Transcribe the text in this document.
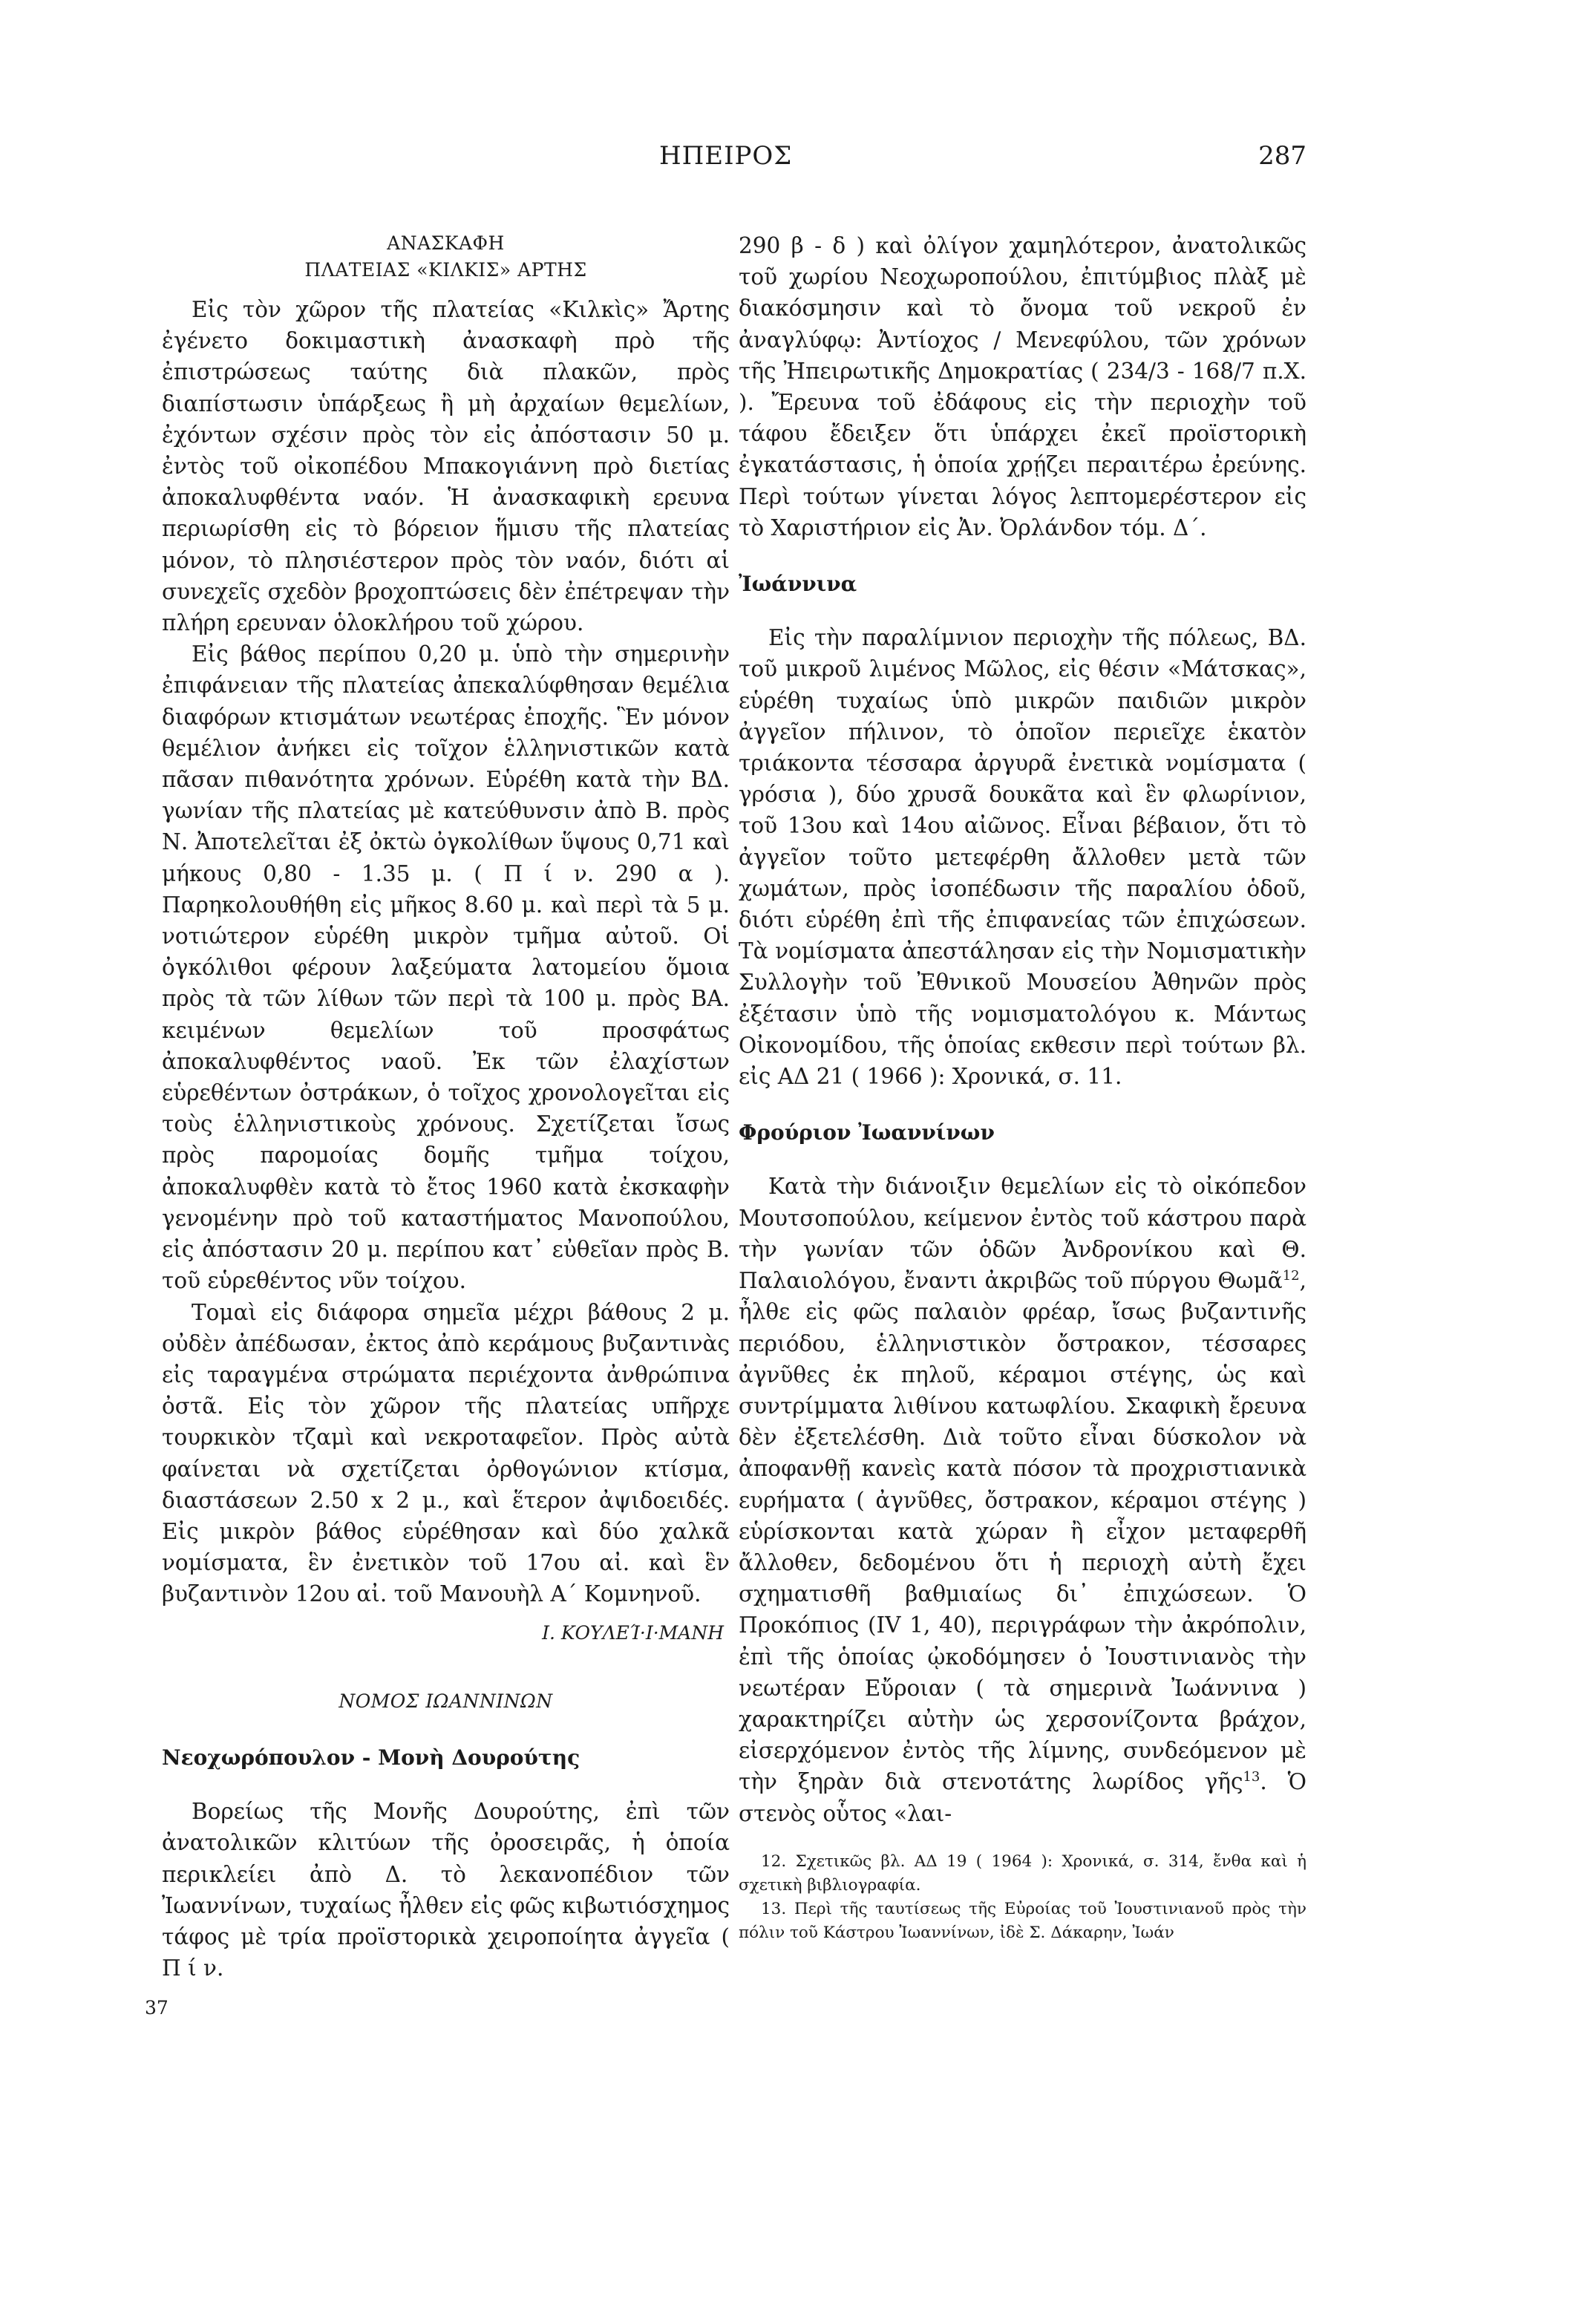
ΗΠΕΙΡΟΣ	287
ΑΝΑΣΚΑΦΗ
ΠΛΑΤΕΙΑΣ «ΚΙΛΚΙΣ» ΑΡΤΗΣ

Εἰς τὸν χῶρον τῆς πλατείας «Κιλκὶς» Ἄρτης ἐγένετο δοκιμαστικὴ ἀνασκαφὴ πρὸ τῆς ἐπιστρώσεως ταύτης διὰ πλακῶν, πρὸς διαπίστωσιν ὑπάρξεως ἢ μὴ ἀρχαίων θεμελίων, ἐχόντων σχέσιν πρὸς τὸν εἰς ἀπόστασιν 50 μ. ἐντὸς τοῦ οἰκοπέδου Μπακογιάννη πρὸ διετίας ἀποκαλυφθέντα ναόν. Ἡ ἀνασκαφικὴ ερευνα περιωρίσθη εἰς τὸ βόρειον ἥμισυ τῆς πλατείας μόνον, τὸ πλησιέστερον πρὸς τὸν ναόν, διότι αἱ συνεχεῖς σχεδὸν βροχοπτώσεις δὲν ἐπέτρεψαν τὴν πλήρη ερευναν ὁλοκλήρου τοῦ χώρου.

Εἰς βάθος περίπου 0,20 μ. ὑπὸ τὴν σημερινὴν ἐπιφάνειαν τῆς πλατείας ἀπεκαλύφθησαν θεμέλια διαφόρων κτισμάτων νεωτέρας ἐποχῆς. Ἓν μόνον θεμέλιον ἀνήκει εἰς τοῖχον ἑλληνιστικῶν κατὰ πᾶσαν πιθανότητα χρόνων. Εὑρέθη κατὰ τὴν ΒΔ. γωνίαν τῆς πλατείας μὲ κατεύθυνσιν ἀπὸ Β. πρὸς Ν. Ἀποτελεῖται ἐξ ὀκτὼ ὀγκολίθων ὕψους 0,71 καὶ μήκους 0,80 - 1.35 μ. ( Π ί ν. 290 α ). Παρηκολουθήθη εἰς μῆκος 8.60 μ. καὶ περὶ τὰ 5 μ. νοτιώτερον εὑρέθη μικρὸν τμῆμα αὐτοῦ. Οἱ ὀγκόλιθοι φέρουν λαξεύματα λατομείου ὅμοια πρὸς τὰ τῶν λίθων τῶν περὶ τὰ 100 μ. πρὸς ΒΑ. κειμένων θεμελίων τοῦ προσφάτως ἀποκαλυφθέντος ναοῦ. Ἐκ τῶν ἐλαχίστων εὑρεθέντων ὀστράκων, ὁ τοῖχος χρονολογεῖται εἰς τοὺς ἑλληνιστικοὺς χρόνους. Σχετίζεται ἴσως πρὸς παρομοίας δομῆς τμῆμα τοίχου, ἀποκαλυφθὲν κατὰ τὸ ἔτος 1960 κατὰ ἐκσκαφὴν γενομένην πρὸ τοῦ καταστήματος Μανοπούλου, εἰς ἀπόστασιν 20 μ. περίπου κατ᾿ εὐθεῖαν πρὸς Β. τοῦ εὑρεθέντος νῦν τοίχου.

Τομαὶ εἰς διάφορα σημεῖα μέχρι βάθους 2 μ. οὐδὲν ἀπέδωσαν, ἐκτος ἀπὸ κεράμους βυζαντινὰς εἰς ταραγμένα στρώματα περιέχοντα ἀνθρώπινα ὀστᾶ. Εἰς τὸν χῶρον τῆς πλατείας υπῆρχε τουρκικὸν τζαμὶ καὶ νεκροταφεῖον. Πρὸς αὐτὰ φαίνεται νὰ σχετίζεται ὀρθογώνιον κτίσμα, διαστάσεων 2.50 x 2 μ., καὶ ἕτερον ἀψιδοειδές. Εἰς μικρὸν βάθος εὑρέθησαν καὶ δύο χαλκᾶ νομίσματα, ἓν ἐνετικὸν τοῦ 17ου αἰ. καὶ ἓν βυζαντινὸν 12ου αἰ. τοῦ Μανουὴλ Α΄ Κομνηνοῦ.

Ι. ΚΟΥΛΕΊ·Ι·ΜΑΝΗ
ΝΟΜΟΣ ΙΩΑΝΝΙΝΩΝ
Νεοχωρόπουλον - Μονὴ Δουρούτης

Βορείως τῆς Μονῆς Δουρούτης, ἐπὶ τῶν ἀνατολικῶν κλιτύων τῆς ὀροσειρᾶς, ἡ ὁποία περικλείει ἀπὸ Δ. τὸ λεκανοπέδιον τῶν Ἰωαννίνων, τυχαίως ἦλθεν εἰς φῶς κιβωτιόσχημος τάφος μὲ τρία προϊστορικὰ χειροποίητα ἀγγεῖα ( Π ί ν.

290 β - δ ) καὶ ὀλίγον χαμηλότερον, ἀνατολικῶς τοῦ χωρίου Νεοχωροπούλου, ἐπιτύμβιος πλὰξ μὲ διακόσμησιν καὶ τὸ ὄνομα τοῦ νεκροῦ ἐν ἀναγλύφῳ: Ἀντίοχος / Μενεφύλου, τῶν χρόνων τῆς Ἠπειρωτικῆς Δημοκρατίας ( 234/3 - 168/7 π.Χ. ). Ἔρευνα τοῦ ἐδάφους εἰς τὴν περιοχὴν τοῦ τάφου ἔδειξεν ὅτι ὑπάρχει ἐκεῖ προϊστορικὴ ἐγκατάστασις, ἡ ὁποία χρῄζει περαιτέρω ἐρεύνης. Περὶ τούτων γίνεται λόγος λεπτομερέστερον εἰς τὸ Χαριστήριον εἰς Ἀν. Ὀρλάνδον τόμ. Δ΄.

Ἰωάννινα

Εἰς τὴν παραλίμνιον περιοχὴν τῆς πόλεως, ΒΔ. τοῦ μικροῦ λιμένος Μῶλος, εἰς θέσιν «Μάτσκας», εὑρέθη τυχαίως ὑπὸ μικρῶν παιδιῶν μικρὸν ἀγγεῖον πήλινον, τὸ ὁποῖον περιεῖχε ἑκατὸν τριάκοντα τέσσαρα ἀργυρᾶ ἐνετικὰ νομίσματα ( γρόσια ), δύο χρυσᾶ δουκᾶτα καὶ ἓν φλωρίνιον, τοῦ 13ου καὶ 14ου αἰῶνος. Εἶναι βέβαιον, ὅτι τὸ ἀγγεῖον τοῦτο μετεφέρθη ἄλλοθεν μετὰ τῶν χωμάτων, πρὸς ἰσοπέδωσιν τῆς παραλίου ὁδοῦ, διότι εὑρέθη ἐπὶ τῆς ἐπιφανείας τῶν ἐπιχώσεων. Τὰ νομίσματα ἀπεστάλησαν εἰς τὴν Νομισματικὴν Συλλογὴν τοῦ Ἐθνικοῦ Μουσείου Ἀθηνῶν πρὸς ἐξέτασιν ὑπὸ τῆς νομισματολόγου κ. Μάντως Οἰκονομίδου, τῆς ὁποίας εκθεσιν περὶ τούτων βλ. εἰς ΑΔ 21 ( 1966 ): Χρονικά, σ. 11.

Φρούριον Ἰωαννίνων

Κατὰ τὴν διάνοιξιν θεμελίων εἰς τὸ οἰκόπεδον Μουτσοπούλου, κείμενον ἐντὸς τοῦ κάστρου παρὰ τὴν γωνίαν τῶν ὁδῶν Ἀνδρονίκου καὶ Θ. Παλαιολόγου, ἔναντι ἀκριβῶς τοῦ πύργου Θωμᾶ$^{12}$, ἦλθε εἰς φῶς παλαιὸν φρέαρ, ἴσως βυζαντινῆς περιόδου, ἑλληνιστικὸν ὄστρακον, τέσσαρες ἀγνῦθες ἐκ πηλοῦ, κέραμοι στέγης, ὡς καὶ συντρίμματα λιθίνου κατωφλίου. Σκαφικὴ ἔρευνα δὲν ἐξετελέσθη. Διὰ τοῦτο εἶναι δύσκολον νὰ ἀποφανθῇ κανεὶς κατὰ πόσον τὰ προχριστιανικὰ ευρήματα ( ἀγνῦθες, ὄστρακον, κέραμοι στέγης ) εὑρίσκονται κατὰ χώραν ἢ εἶχον μεταφερθῆ ἄλλοθεν, δεδομένου ὅτι ἡ περιοχὴ αὐτὴ ἔχει σχηματισθῆ βαθμιαίως δι᾿ ἐπιχώσεων. Ὁ Προκόπιος (IV 1, 40), περιγράφων τὴν ἀκρόπολιν, ἐπὶ τῆς ὁποίας ᾠκοδόμησεν ὁ Ἰουστινιανὸς τὴν νεωτέραν Εὔροιαν ( τὰ σημερινὰ Ἰωάννινα ) χαρακτηρίζει αὐτὴν ὡς χερσονίζοντα βράχον, εἰσερχόμενον ἐντὸς τῆς λίμνης, συνδεόμενον μὲ τὴν ξηρὰν διὰ στενοτάτης λωρίδος γῆς$^{13}$. Ὁ στενὸς οὗτος «λαι-

12. Σχετικῶς βλ. ΑΔ 19 ( 1964 ): Χρονικά, σ. 314, ἔνθα καὶ ἡ σχετικὴ βιβλιογραφία.

13. Περὶ τῆς ταυτίσεως τῆς Εὐροίας τοῦ Ἰουστινιανοῦ πρὸς τὴν πόλιν τοῦ Κάστρου Ἰωαννίνων, ἰδὲ Σ. Δάκαρην, Ἰωάν

37
